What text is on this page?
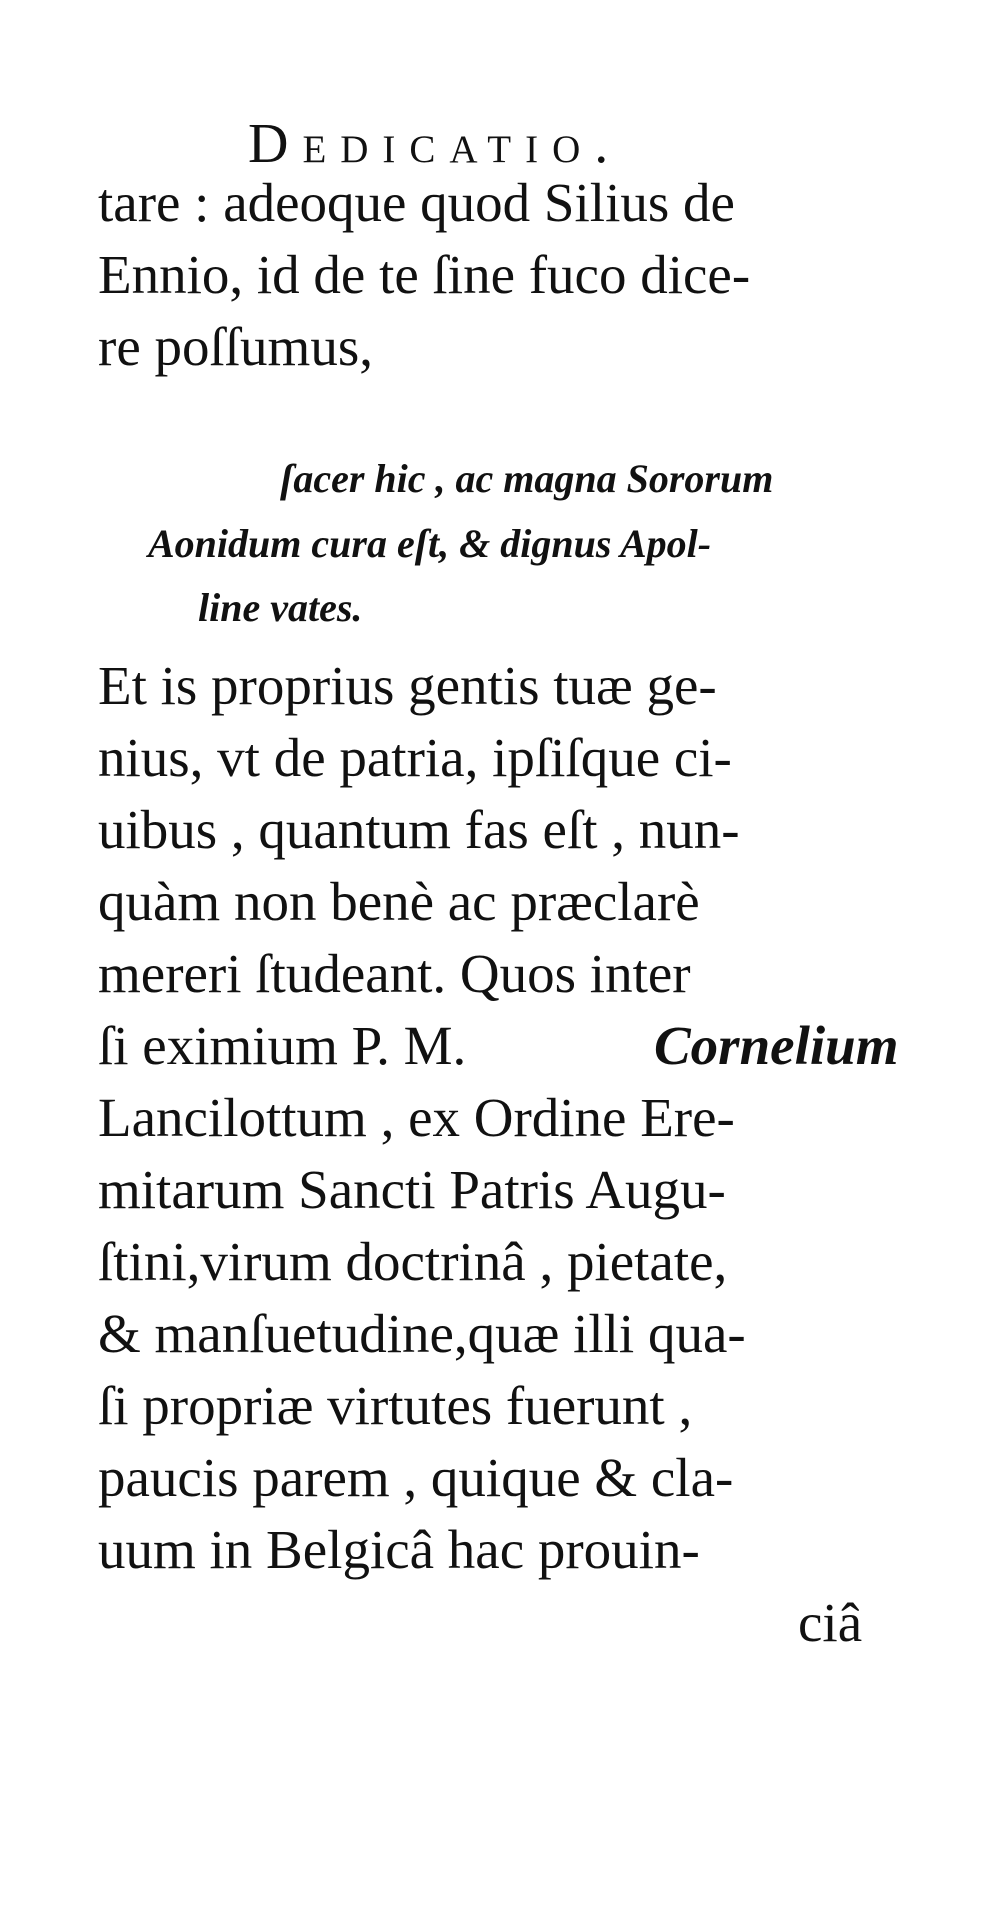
Dedicatio.
tare : adeoque quod Silius de
Ennio, id de te ſine fuco dice-
re poſſumus,
ſacer hic , ac magna Sororum
Aonidum cura eſt, & dignus Apol-
line vates.
Et is proprius gentis tuæ ge-
nius, vt de patria, ipſiſque ci-
uibus , quantum fas eſt , nun-
quàm non benè ac præclarè
mereri ſtudeant. Quos inter
ſi eximium P. M.	Cornelium
Lancilottum , ex Ordine Ere-
mitarum Sancti Patris Augu-
ſtini,virum doctrinâ , pietate,
& manſuetudine,quæ illi qua-
ſi propriæ virtutes fuerunt ,
paucis parem , quique & cla-
uum in Belgicâ hac prouin-
ciâ
